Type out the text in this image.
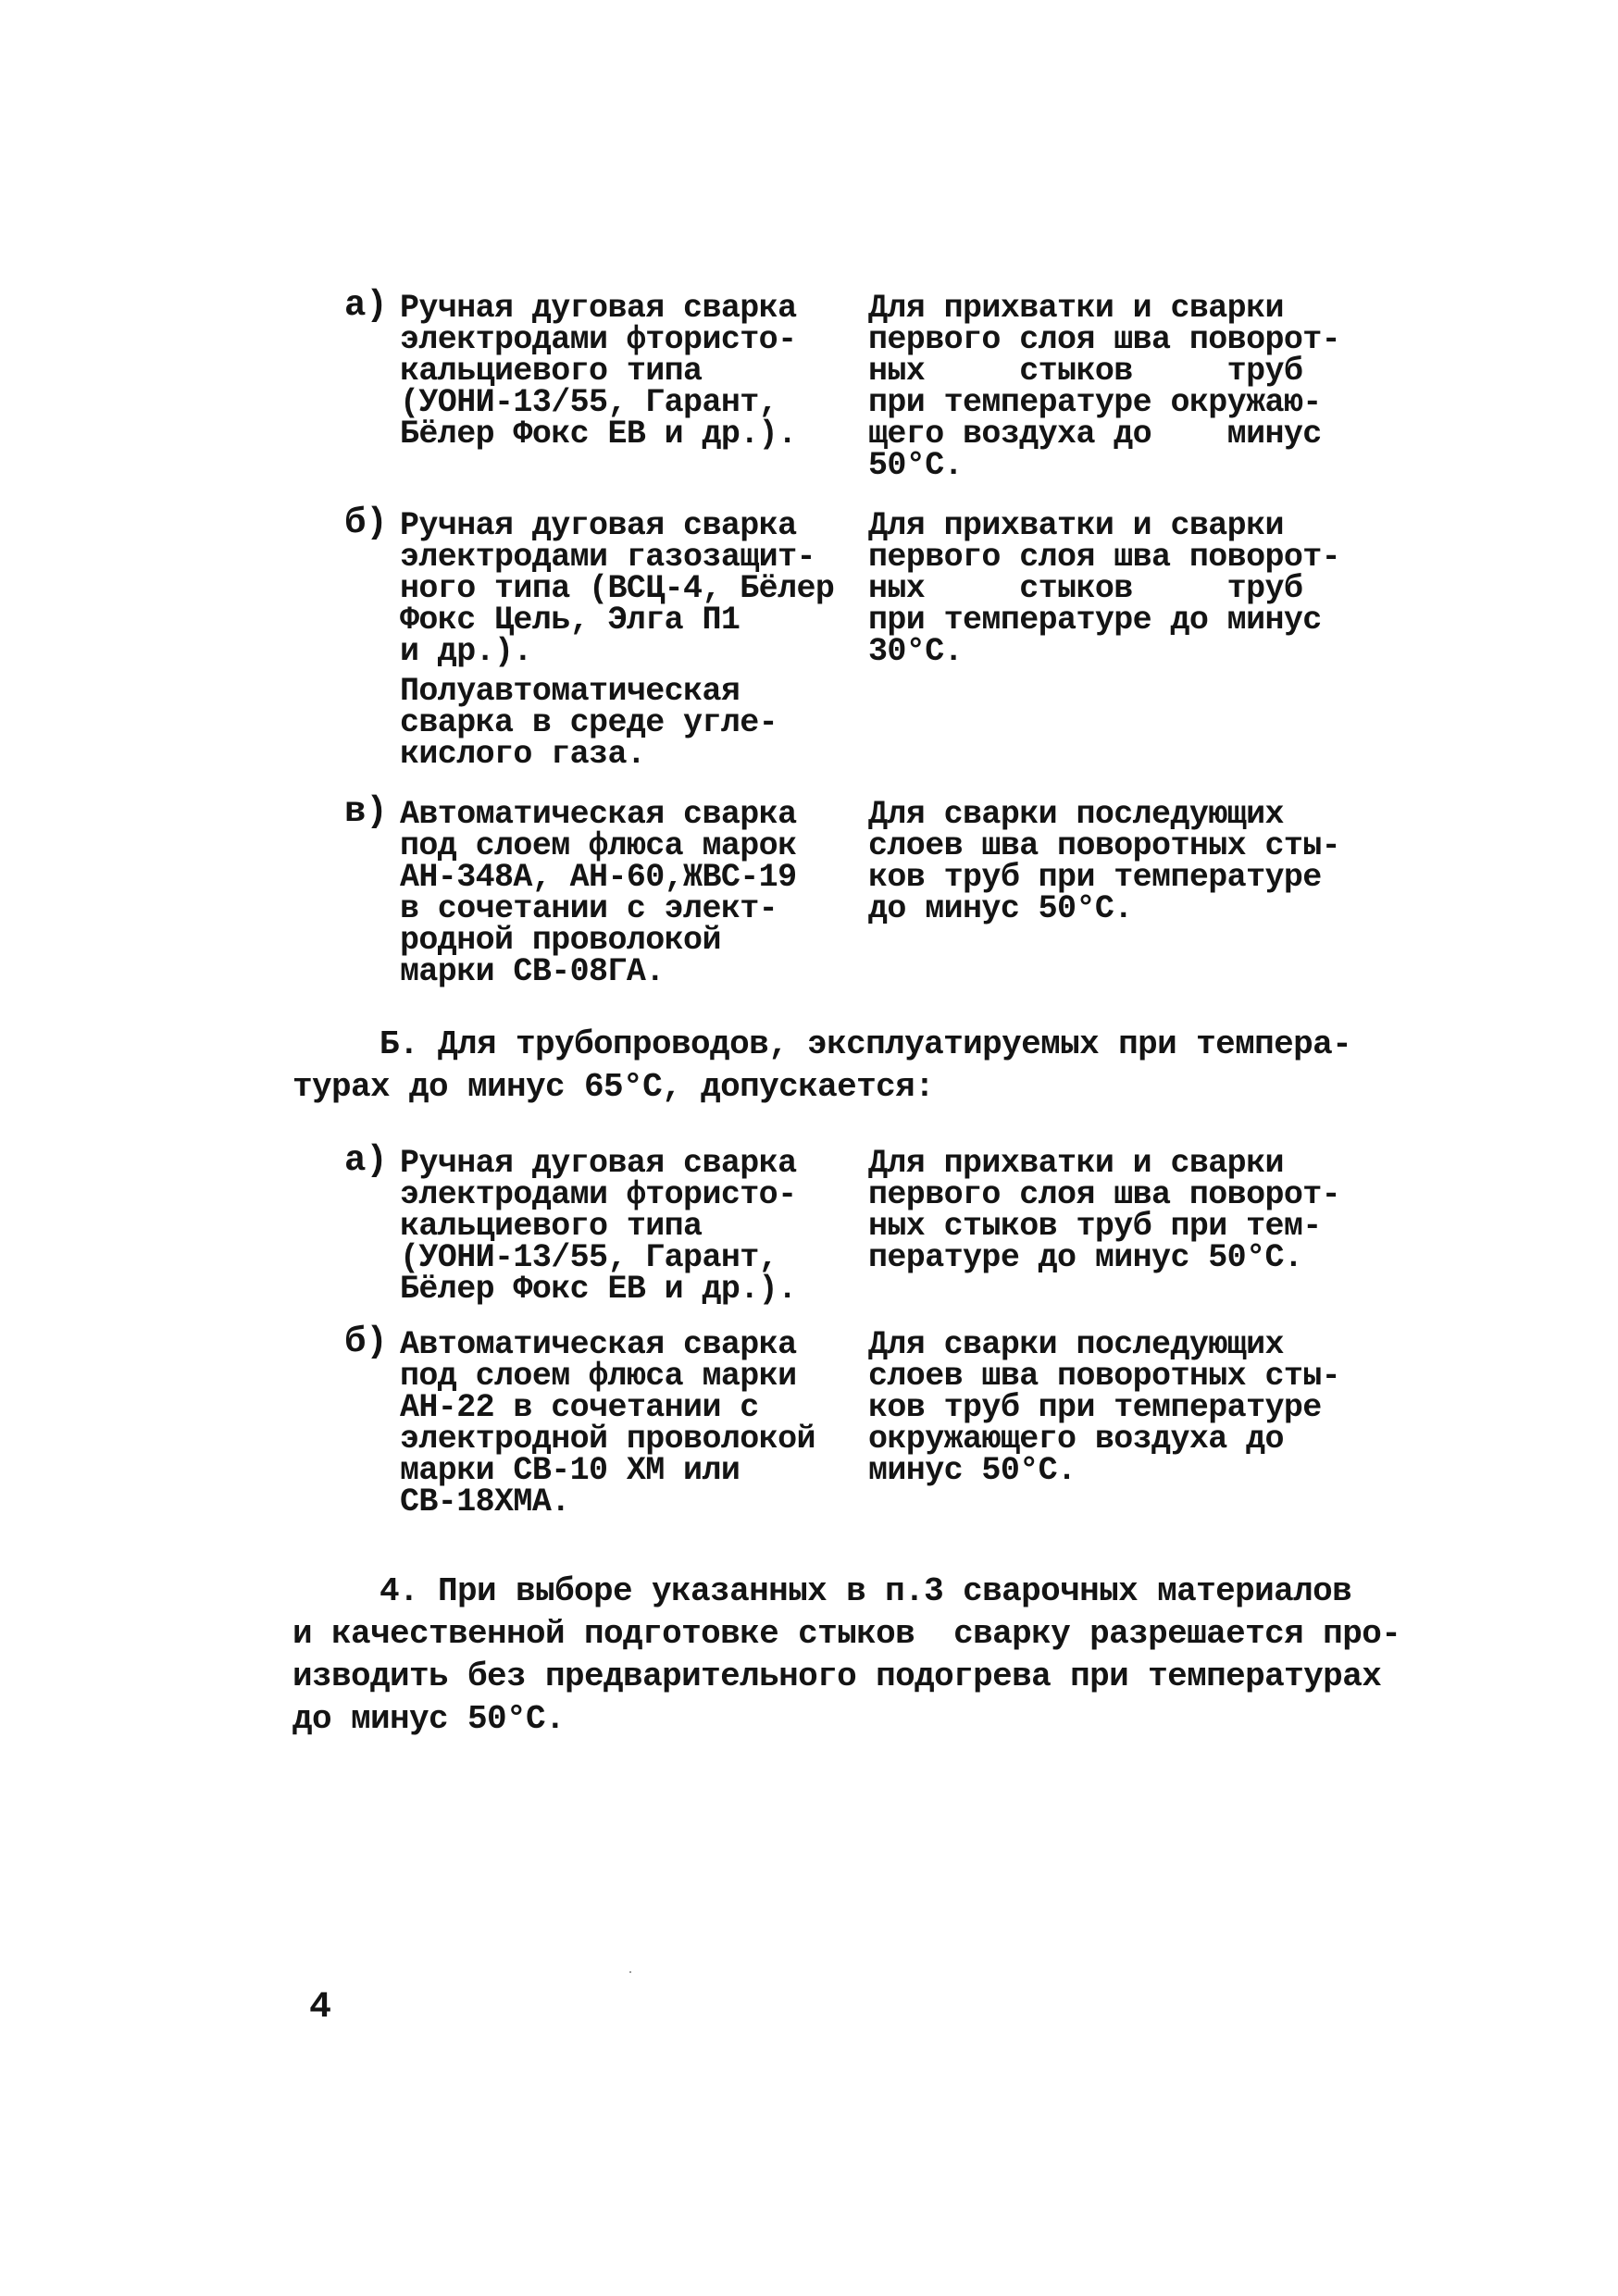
а) Ручная дуговая сварка
электродами фтористо-
кальциевого типа
(УОНИ-13/55, Гарант,
Бёлер Фокс ЕВ и др.).
Для прихватки и сварки
первого слоя шва поворот-
ных     стыков     труб
при температуре окружаю-
щего воздуха до    минус
50°С.
б) Ручная дуговая сварка
электродами газозащит-
ного типа (ВСЦ-4, Бёлер
Фокс Цель, Элга П1
и др.).
Для прихватки и сварки
первого слоя шва поворот-
ных     стыков     труб
при температуре до минус
30°С.
Полуавтоматическая
сварка в среде угле-
кислого газа.
в) Автоматическая сварка
под слоем флюса марок
АН-348А, АН-60,ЖВС-19
в сочетании с элект-
родной проволокой
марки СВ-08ГА.
Для сварки последующих
слоев шва поворотных сты-
ков труб при температуре
до минус 50°С.
Б. Для трубопроводов, эксплуатируемых при темпера-
турах до минус 65°С, допускается:
а) Ручная дуговая сварка
электродами фтористо-
кальциевого типа
(УОНИ-13/55, Гарант,
Бёлер Фокс ЕВ и др.).
Для прихватки и сварки
первого слоя шва поворот-
ных стыков труб при тем-
пературе до минус 50°С.
б) Автоматическая сварка
под слоем флюса марки
АН-22 в сочетании с
электродной проволокой
марки СВ-10 ХМ или
СВ-18ХМА.
Для сварки последующих
слоев шва поворотных сты-
ков труб при температуре
окружающего воздуха до
минус 50°С.
4. При выборе указанных в п.3 сварочных материалов
и качественной подготовке стыков  сварку разрешается про-
изводить без предварительного подогрева при температурах
до минус 50°С.
4
